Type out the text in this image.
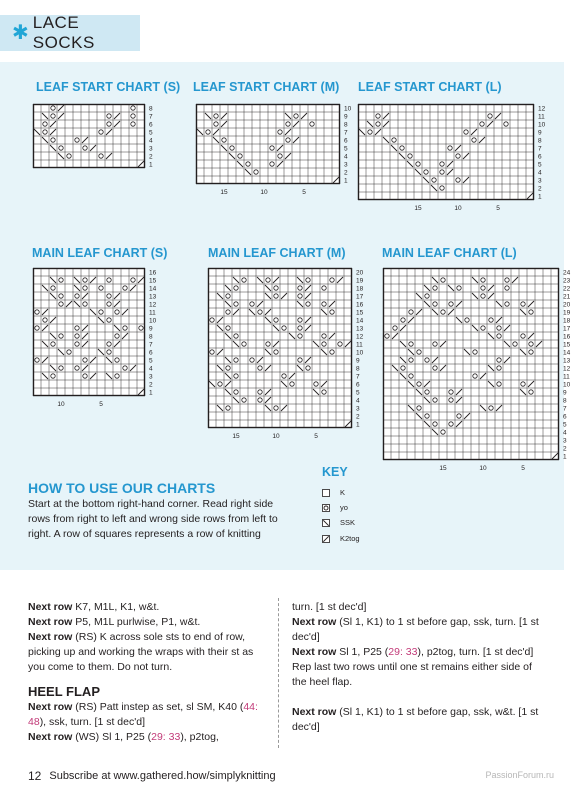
✱ LACE SOCKS
LEAF START CHART (S)
8
7
6
5
4
3
2
1
LEAF START CHART (M)
10
9
8
7
6
5
4
3
2
1
15	10	5
LEAF START CHART (L)
12
11
10
9
8
7
6
5
4
3
2
1
15	10	5
MAIN LEAF CHART (S)
16
15
14
13
12
11
10
9
8
7
6
5
4
3
2
1
10	5
MAIN LEAF CHART (M)
20
19
18
17
16
15
14
13
12
11
10
9
8
7
6
5
4
3
2
1
15	10	5
MAIN LEAF CHART (L)
24
23
22
21
20
19
18
17
16
15
14
13
12
11
10
9
8
7
6
5
4
3
2
1
15	10	5
HOW TO USE OUR CHARTS
Start at the bottom right-hand corner. Read right side rows from right to left and wrong side rows from left to right. A row of squares represents a row of knitting
KEY
K
yo
SSK
K2tog

Next row K7, M1L, K1, w&t.

Next row P5, M1L purlwise, P1, w&t.

Next row (RS) K across sole sts to end of row, picking up and working the wraps with their st as you come to them. Do not turn.

HEEL FLAP

Next row (RS) Patt instep as set, sl SM, K40 (44: 48), ssk, turn. [1 st dec'd]

Next row (WS) Sl 1, P25 (29: 33), p2tog,

turn. [1 st dec'd]

Next row (Sl 1, K1) to 1 st before gap, ssk, turn. [1 st dec'd]

Next row Sl 1, P25 (29: 33), p2tog, turn. [1 st dec'd]

Rep last two rows until one st remains either side of the heel flap.

Next row (Sl 1, K1) to 1 st before gap, ssk, w&t. [1 st dec'd]

12 Subscribe at www.gathered.how/simplyknitting	PassionForum.ru
